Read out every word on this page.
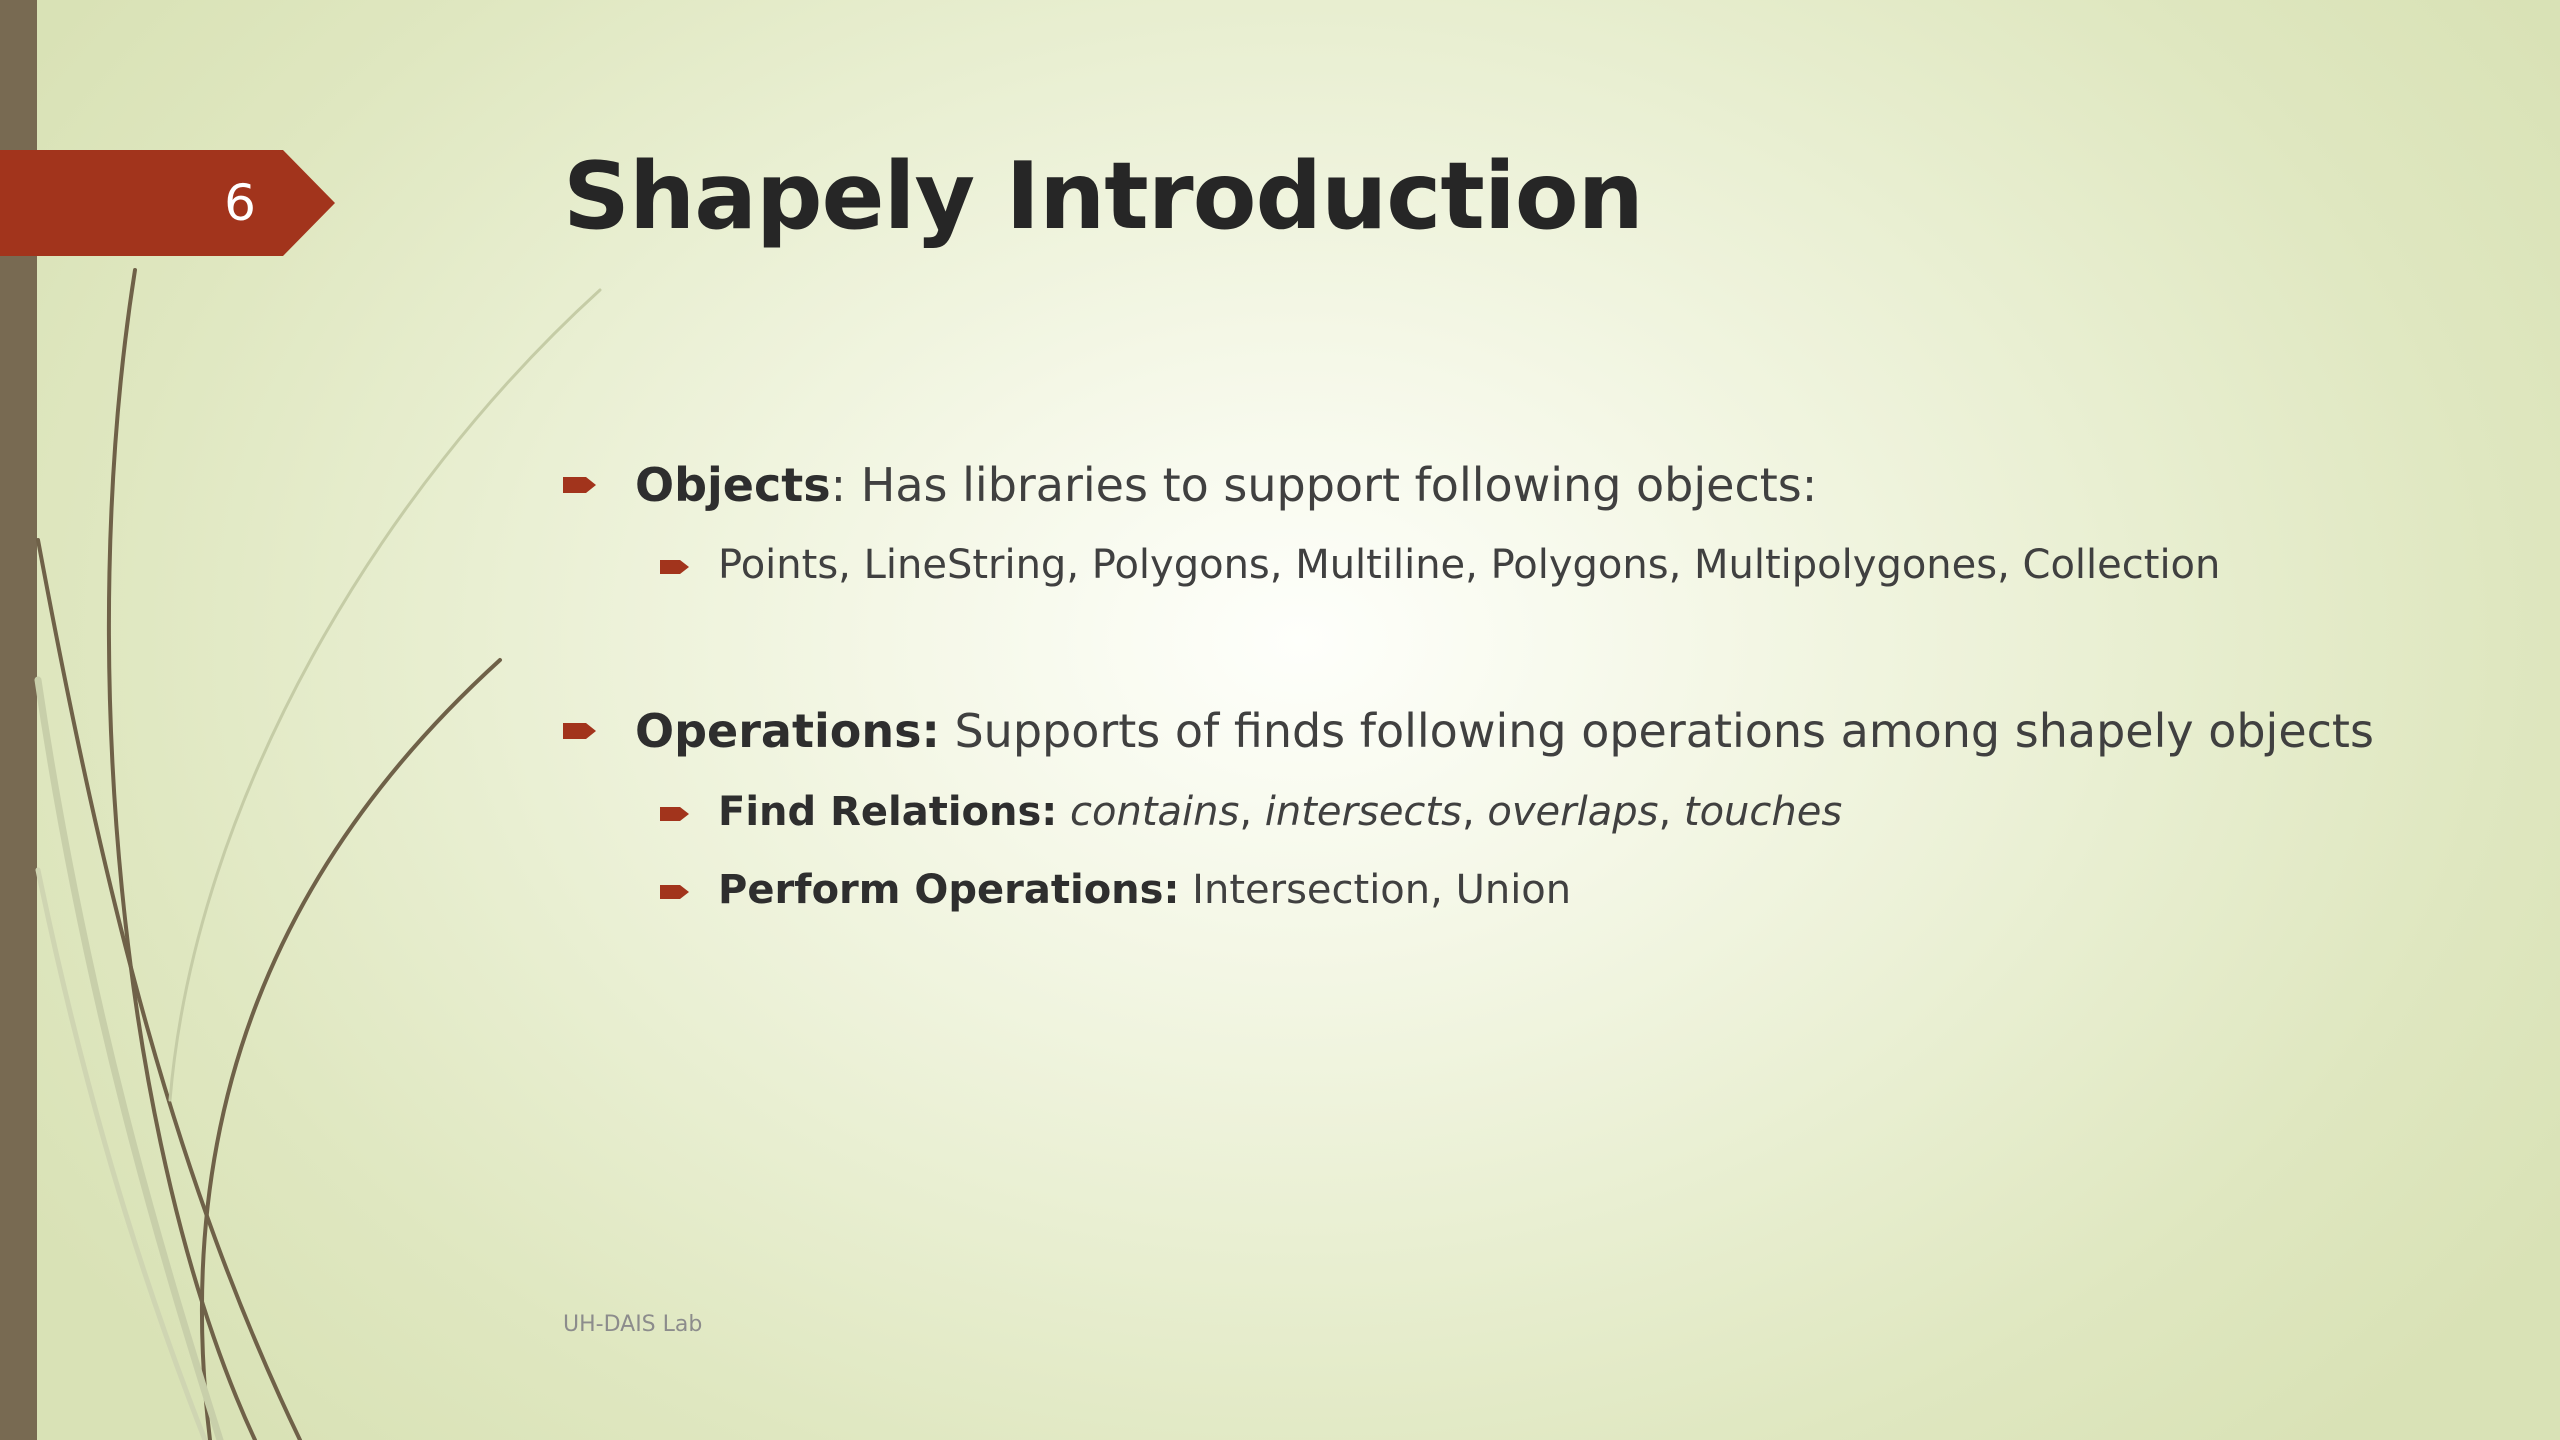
6	Shapely Introduction
Objects: Has libraries to support following objects:
Points, LineString, Polygons, Multiline, Polygons, Multipolygones, Collection
Operations: Supports of finds following operations among shapely objects
Find Relations: contains, intersects, overlaps, touches
Perform Operations: Intersection, Union
UH-DAIS Lab
